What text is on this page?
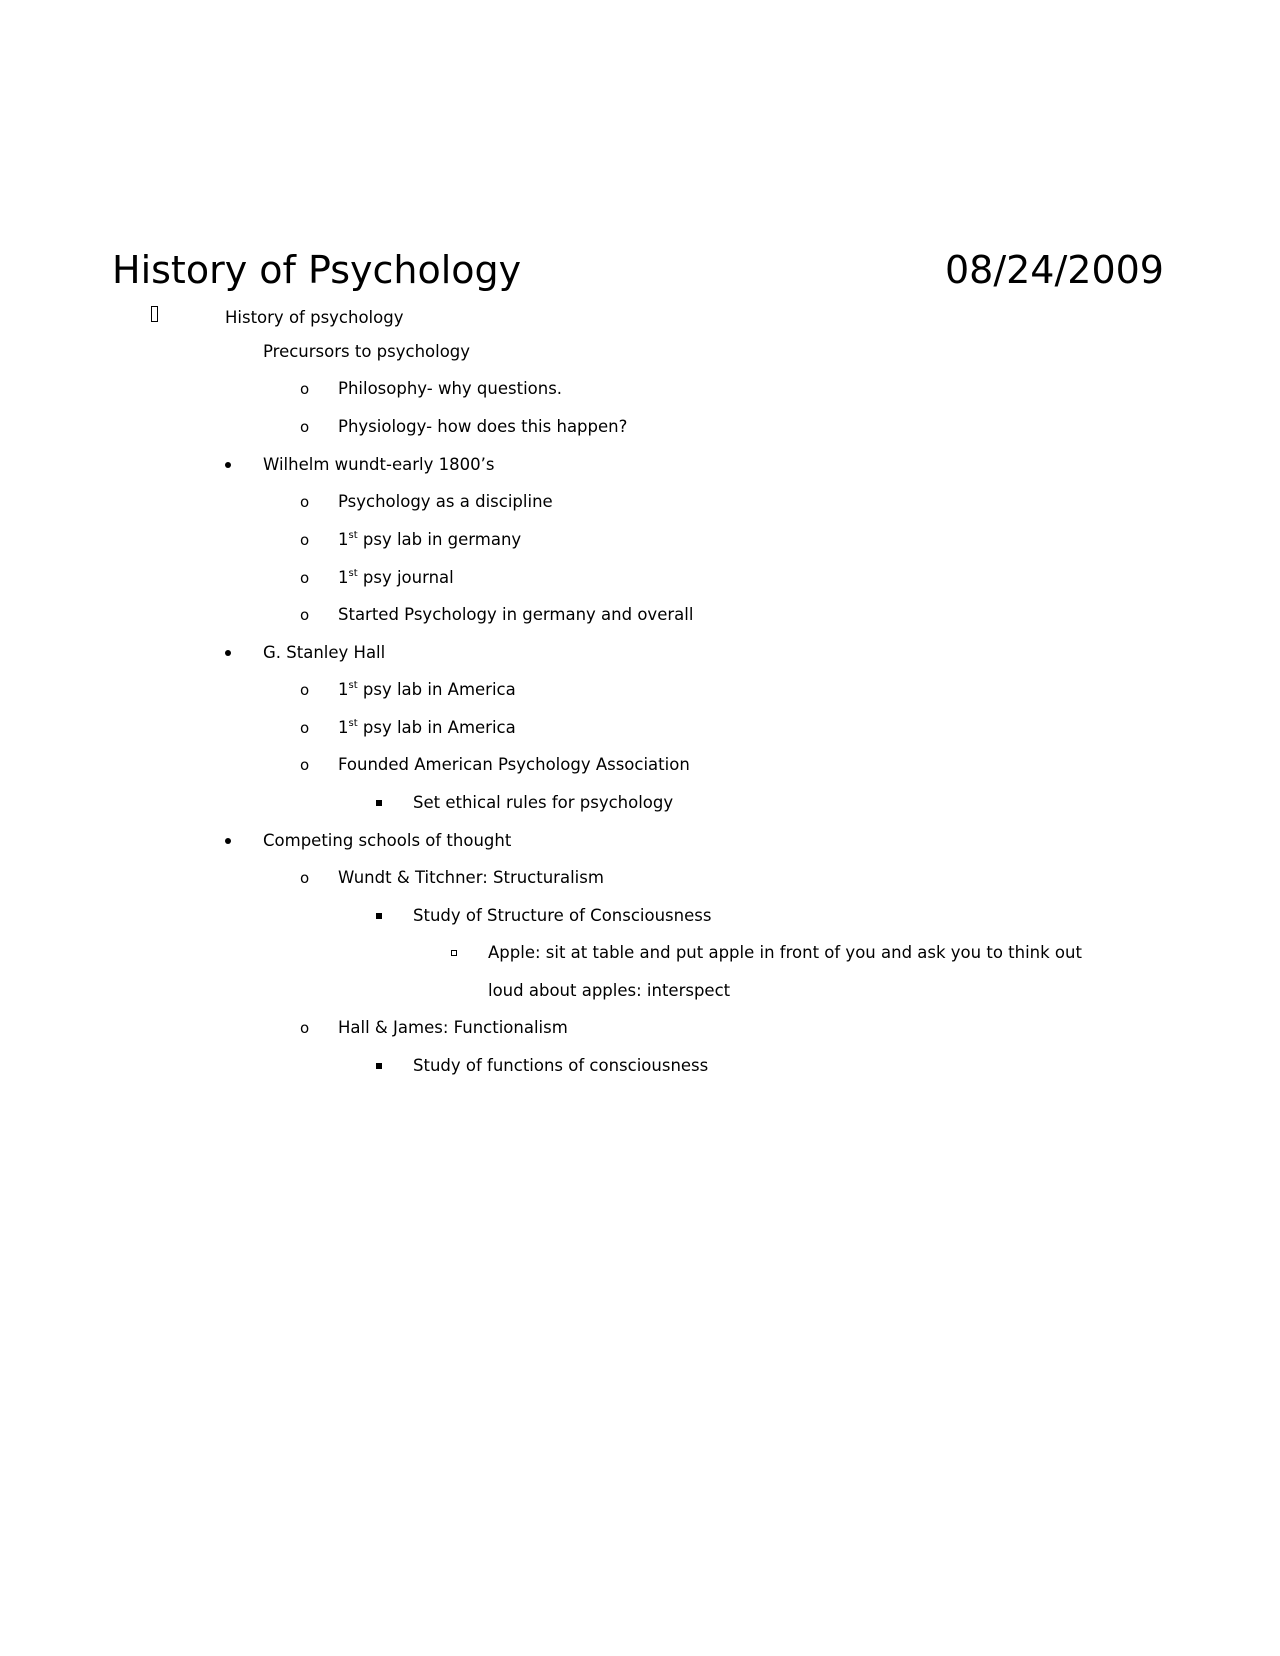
History of Psychology	08/24/2009
History of psychology
Precursors to psychology
o Philosophy- why questions.
o Physiology- how does this happen?
Wilhelm wundt-early 1800’s
o Psychology as a discipline
o 1st psy lab in germany
o 1st psy journal
o Started Psychology in germany and overall
G. Stanley Hall
o 1st psy lab in America
o 1st psy lab in America
o Founded American Psychology Association
Set ethical rules for psychology
Competing schools of thought
o Wundt & Titchner: Structuralism
Study of Structure of Consciousness
Apple: sit at table and put apple in front of you and ask you to think out
loud about apples: interspect
o Hall & James: Functionalism
Study of functions of consciousness
